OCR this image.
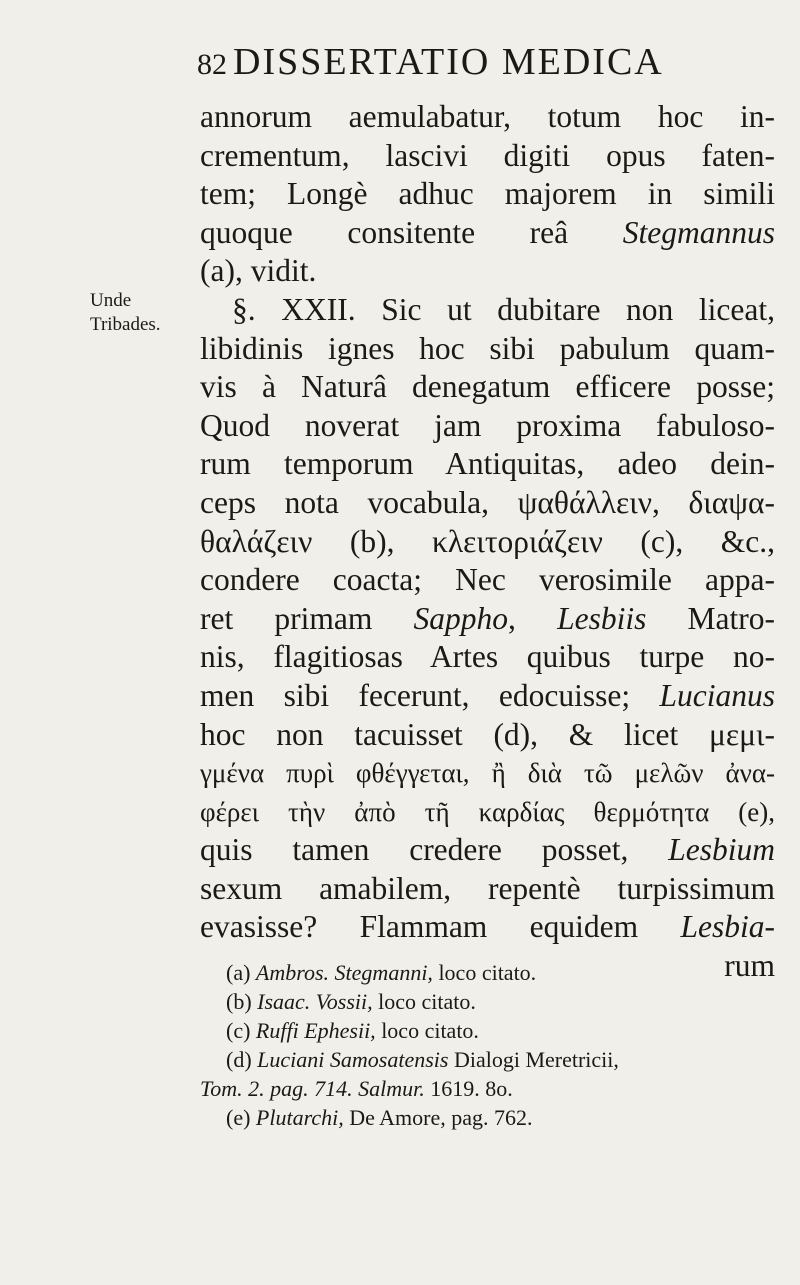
82 DISSERTATIO MEDICA
Unde
Tribades.
annorum aemulabatur, totum hoc in-
crementum, lascivi digiti opus faten-
tem; Longè adhuc majorem in simili
quoque consitente reâ Stegmannus
(a), vidit.
§. XXII. Sic ut dubitare non liceat,
libidinis ignes hoc sibi pabulum quam-
vis à Naturâ denegatum efficere posse;
Quod noverat jam proxima fabuloso-
rum temporum Antiquitas, adeo dein-
ceps nota vocabula, ψαθάλλειν, διαψα-
θαλάζειν (b), κλειτοριάζειν (c), &c.,
condere coacta; Nec verosimile appa-
ret primam Sappho, Lesbiis Matro-
nis, flagitiosas Artes quibus turpe no-
men sibi fecerunt, edocuisse; Lucianus
hoc non tacuisset (d), & licet μεμι-
γμένα πυρὶ φθέγγεται, ἢ διὰ τῶ μελῶν ἀνα-
φέρει τὴν ἀπὸ τῆ καρδίας θερμότητα (e),
quis tamen credere posset, Lesbium
sexum amabilem, repentè turpissimum
evasisse? Flammam equidem Lesbia-
rum
(a) Ambros. Stegmanni, loco citato.
(b) Isaac. Vossii, loco citato.
(c) Ruffi Ephesii, loco citato.
(d) Luciani Samosatensis Dialogi Meretricii,
Tom. 2. pag. 714. Salmur. 1619. 8o.
(e) Plutarchi, De Amore, pag. 762.
